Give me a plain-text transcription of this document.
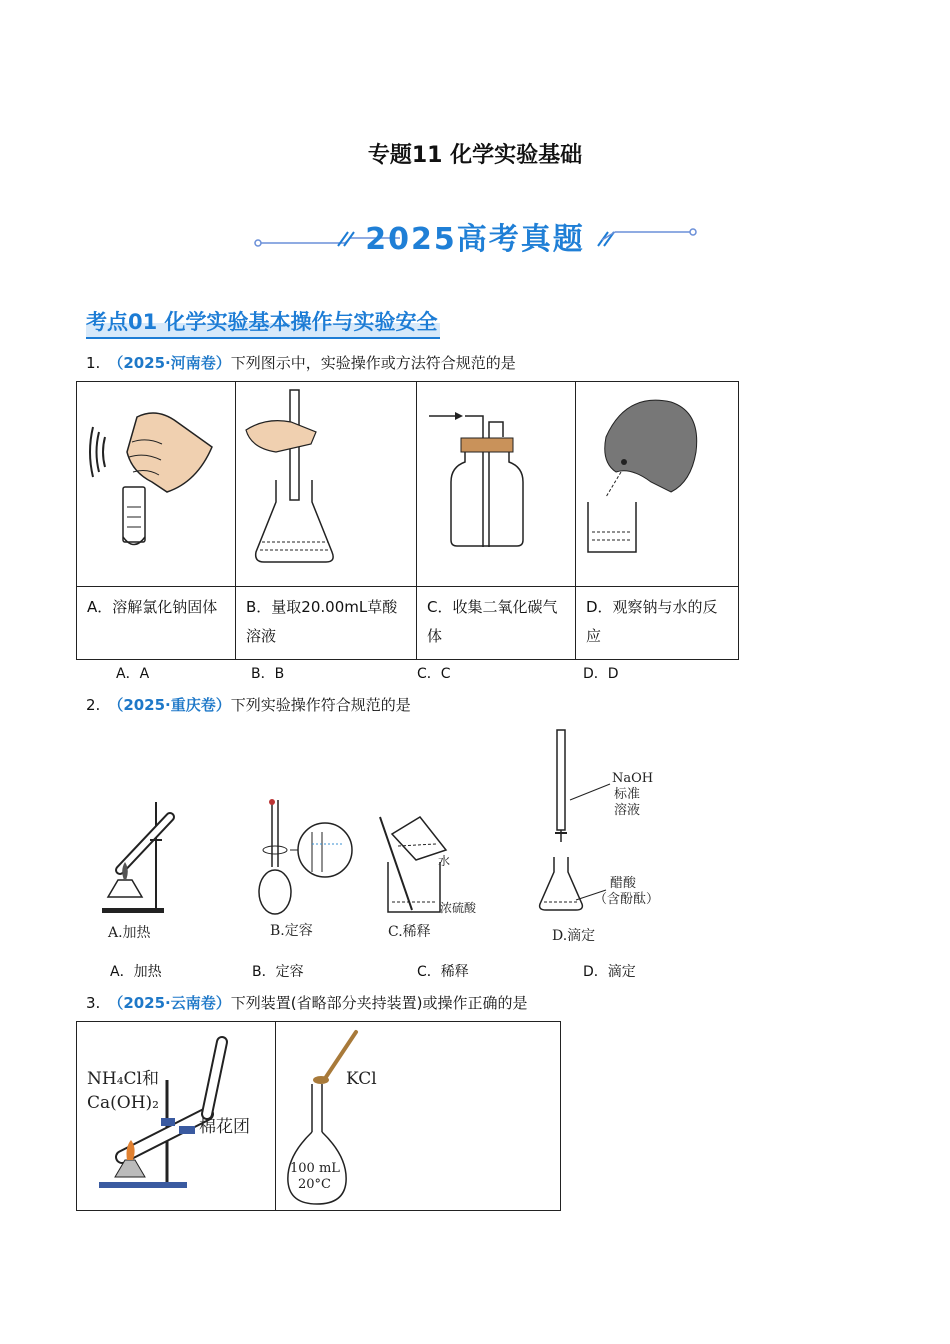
专题11 化学实验基础
2025高考真题
考点01 化学实验基本操作与实验安全
1. （2025·河南卷）下列图示中，实验操作或方法符合规范的是

A．溶解氯化钠固体	B．量取20.00mL草酸溶液	C．收集二氧化碳气体	D．观察钠与水的反应
A．A	B．B	C．C	D．D
2. （2025·重庆卷）下列实验操作符合规范的是
A.加热	B.定容
水
浓硫酸
C.稀释
NaOH
标准
溶液
醋酸
（含酚酞）
D.滴定
A．加热	B．定容	C．稀释	D．滴定
3. （2025·云南卷）下列装置(省略部分夹持装置)或操作正确的是
NH₄Cl和
Ca(OH)₂
棉花团

KCl
100 mL
20°C
